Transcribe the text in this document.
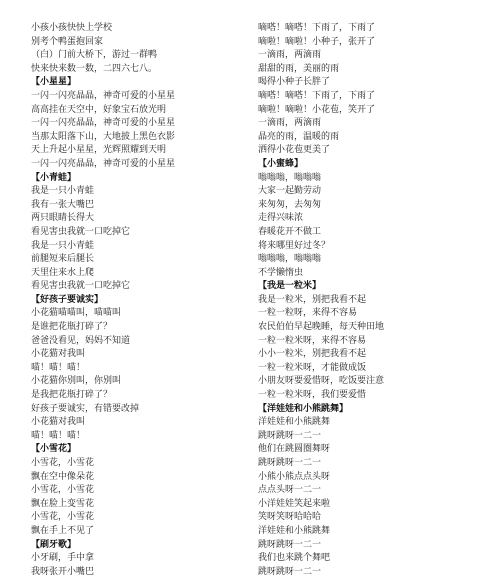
小孩小孩快快上学校
别考个鸭蛋抱回家
（白）门前大桥下，游过一群鸭
快来快来数一数，二四六七八。
【小星星】
一闪一闪亮晶晶，神奇可爱的小星星
高高挂在天空中，好象宝石放光明
一闪一闪亮晶晶，神奇可爱的小星星
当那太阳落下山，大地披上黑色衣影
天上升起小星星，光辉照耀到天明
一闪一闪亮晶晶，神奇可爱的小星星
【小青蛙】
我是一只小青蛙
我有一张大嘴巴
两只眼睛长得大
看见害虫我就一口吃掉它
我是一只小青蛙
前腿短来后腿长
天里住来水上爬
看见害虫我就一口吃掉它
【好孩子要诚实】
小花猫喵喵叫，喵喵叫
是谁把花瓶打碎了？
爸爸没看见，妈妈不知道
小花猫对我叫
喵！喵！喵！
小花猫你别叫，你别叫
是我把花瓶打碎了？
好孩子要诚实，有错要改掉
小花猫对我叫
喵！喵！喵！
【小雪花】
小雪花，小雪花
飘在空中像朵花
小雪花，小雪花
飘在脸上变雪花
小雪花，小雪花
飘在手上不见了
【刷牙歌】
小牙刷，手中拿
我呀张开小嘴巴
嘀嗒！嘀嗒！下雨了，下雨了
嘀啦！嘀啦！小种子，张开了
一滴雨，两滴雨
甜甜的雨，美丽的雨
喝得小种子长胖了
嘀嗒！嘀嗒！下雨了，下雨了
嘀啦！嘀啦！小花苞，笑开了
一滴雨，两滴雨
晶亮的雨，温暖的雨
洒得小花苞更美了
【小蜜蜂】
嗡嗡嗡，嗡嗡嗡
大家一起勤劳动
来匆匆，去匆匆
走得兴味浓
春暖花开不做工
将来哪里好过冬？
嗡嗡嗡，嗡嗡嗡
不学懒惰虫
【我是一粒米】
我是一粒米，别把我看不起
一粒一粒呀，来得不容易
农民伯伯早起晚睡，每天种田地
一粒一粒米呀，来得不容易
小小一粒米，别把我看不起
一粒一粒米呀，才能做成饭
小朋友呀要爱惜呀，吃饭要注意
一粒一粒米呀，我们要爱惜
【洋娃娃和小熊跳舞】
洋娃娃和小熊跳舞
跳呀跳呀一二一
他们在跳圆圈舞呀
跳呀跳呀一二一
小熊小熊点点头呀
点点头呀一二一
小洋娃娃笑起来啦
笑呀笑呀哈哈哈
洋娃娃和小熊跳舞
跳呀跳呀一二一
我们也来跳个舞吧
跳呀跳呀一二一
